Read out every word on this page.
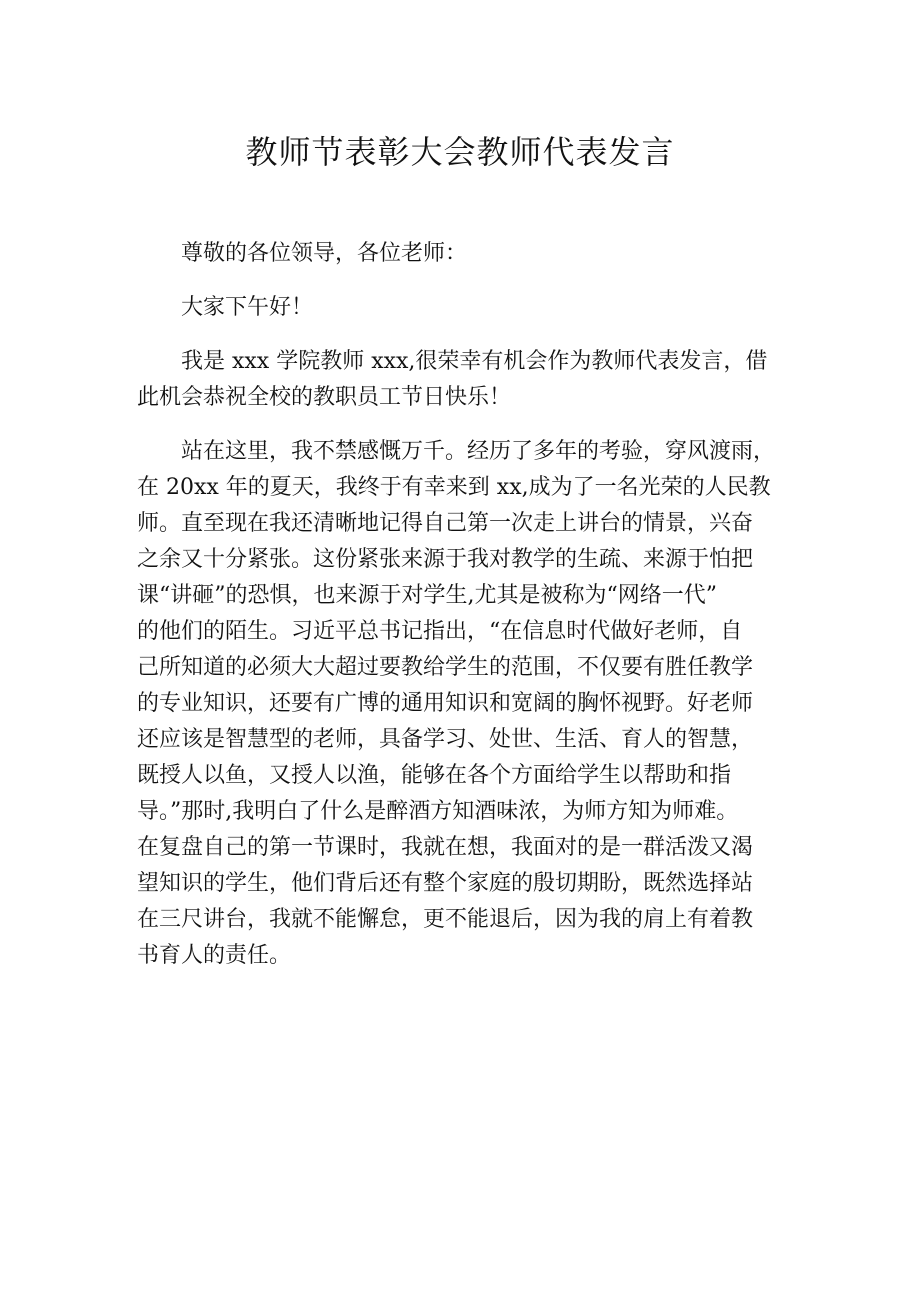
教师节表彰大会教师代表发言

尊敬的各位领导，各位老师：

大家下午好！

我是 xxx 学院教师 xxx,很荣幸有机会作为教师代表发言，借
此机会恭祝全校的教职员工节日快乐！

站在这里，我不禁感慨万千。经历了多年的考验，穿风渡雨，
在 20xx 年的夏天，我终于有幸来到 xx,成为了一名光荣的人民教
师。直至现在我还清晰地记得自己第一次走上讲台的情景，兴奋
之余又十分紧张。这份紧张来源于我对教学的生疏、来源于怕把
课“讲砸”的恐惧，也来源于对学生,尤其是被称为“网络一代”
的他们的陌生。习近平总书记指出，“在信息时代做好老师，自
己所知道的必须大大超过要教给学生的范围，不仅要有胜任教学
的专业知识，还要有广博的通用知识和宽阔的胸怀视野。好老师
还应该是智慧型的老师，具备学习、处世、生活、育人的智慧，
既授人以鱼，又授人以渔，能够在各个方面给学生以帮助和指
导。”那时,我明白了什么是醉酒方知酒味浓，为师方知为师难。
在复盘自己的第一节课时，我就在想，我面对的是一群活泼又渴
望知识的学生，他们背后还有整个家庭的殷切期盼，既然选择站
在三尺讲台，我就不能懈怠，更不能退后，因为我的肩上有着教
书育人的责任。
